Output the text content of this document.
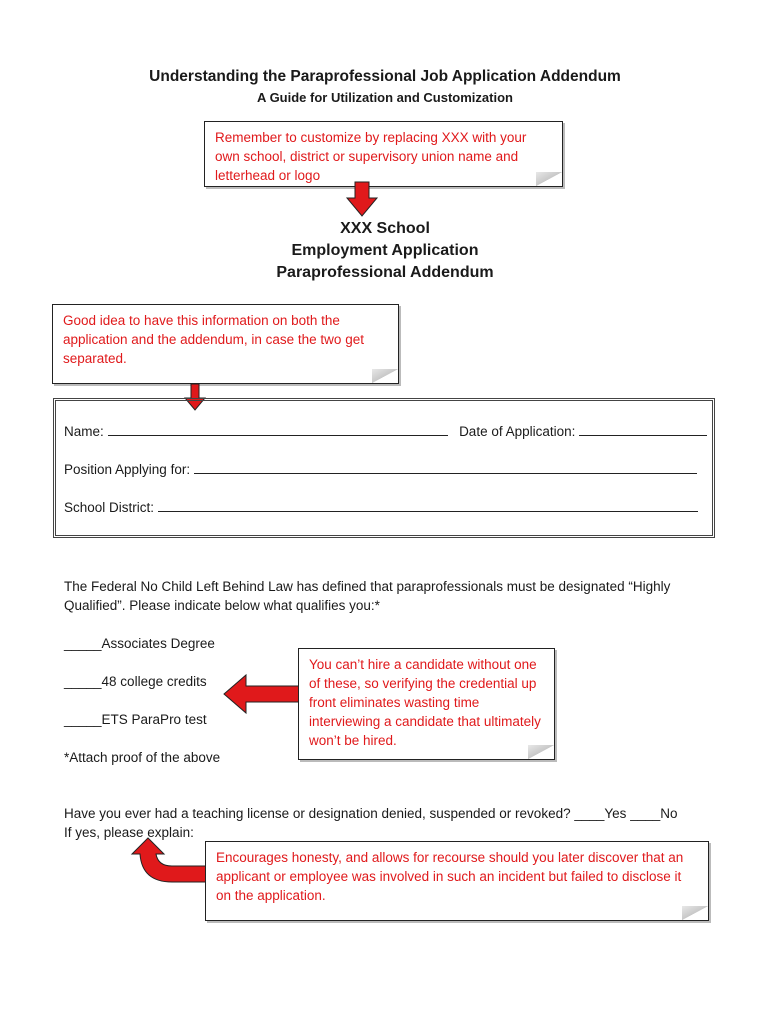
Understanding the Paraprofessional Job Application Addendum
A Guide for Utilization and Customization
Remember to customize by replacing XXX with your own school, district or supervisory union name and letterhead or logo
XXX School
Employment Application
Paraprofessional Addendum
Good idea to have this information on both the application and the addendum, in case the two get separated.
Name:	Date of Application:
Position Applying for:
School District:
The Federal No Child Left Behind Law has defined that paraprofessionals must be designated “Highly Qualified”. Please indicate below what qualifies you:*
_____Associates Degree
_____48 college credits
_____ETS ParaPro test
*Attach proof of the above
You can’t hire a candidate without one of these, so verifying the credential up front eliminates wasting time interviewing a candidate that ultimately won’t be hired.
Have you ever had a teaching license or designation denied, suspended or revoked? ____Yes ____No
If yes, please explain:
Encourages honesty, and allows for recourse should you later discover that an applicant or employee was involved in such an incident but failed to disclose it on the application.
